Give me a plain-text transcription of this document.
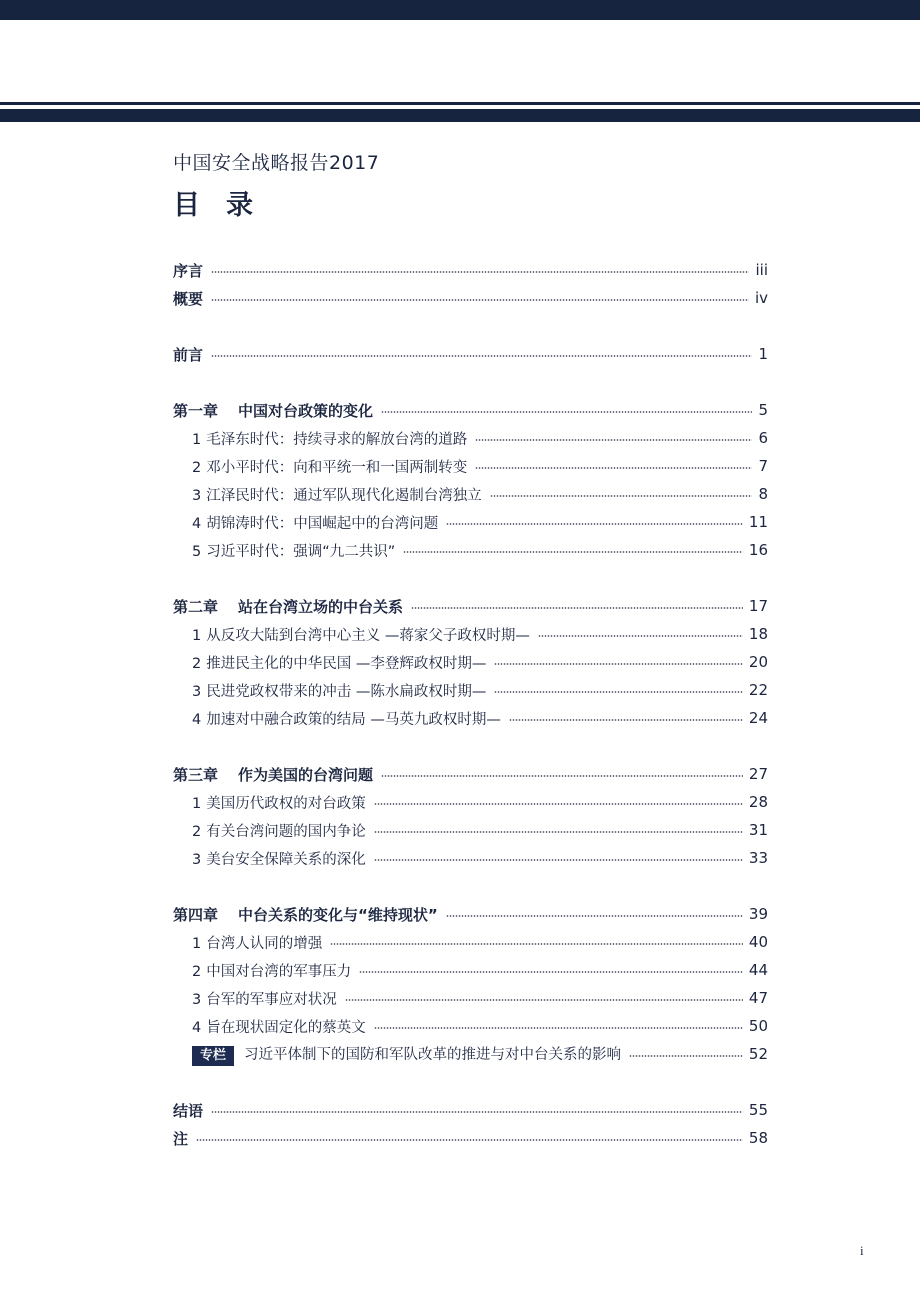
中国安全战略报告2017
目录
序言	iii
概要	iv
前言	1
第一章 中国对台政策的变化	5
1 毛泽东时代：持续寻求的解放台湾的道路	6
2 邓小平时代：向和平统一和一国两制转变	7
3 江泽民时代：通过军队现代化遏制台湾独立	8
4 胡锦涛时代：中国崛起中的台湾问题	11
5 习近平时代：强调“九二共识”	16
第二章 站在台湾立场的中台关系	17
1 从反攻大陆到台湾中心主义 —蒋家父子政权时期—	18
2 推进民主化的中华民国 —李登辉政权时期—	20
3 民进党政权带来的冲击 —陈水扁政权时期—	22
4 加速对中融合政策的结局 —马英九政权时期—	24
第三章 作为美国的台湾问题	27
1 美国历代政权的对台政策	28
2 有关台湾问题的国内争论	31
3 美台安全保障关系的深化	33
第四章 中台关系的变化与“维持现状”	39
1 台湾人认同的增强	40
2 中国对台湾的军事压力	44
3 台军的军事应对状况	47
4 旨在现状固定化的蔡英文	50
专栏 习近平体制下的国防和军队改革的推进与对中台关系的影响	52
结语	55
注	58
i
